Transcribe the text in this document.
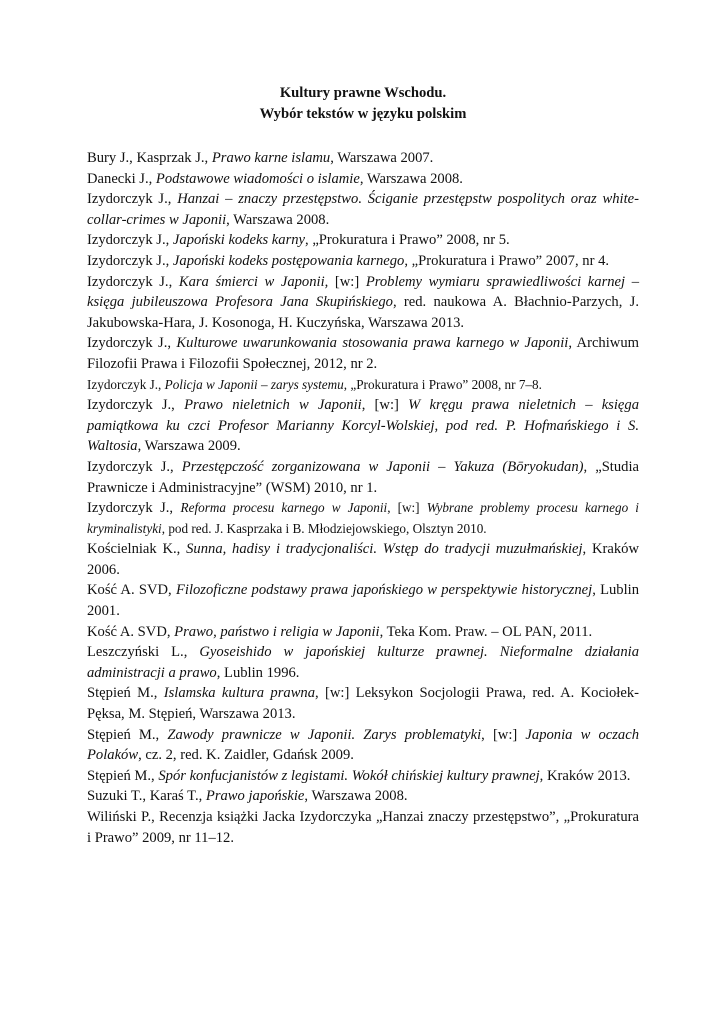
Kultury prawne Wschodu.
Wybór tekstów w języku polskim

Bury J., Kasprzak J., Prawo karne islamu, Warszawa 2007.

Danecki J., Podstawowe wiadomości o islamie, Warszawa 2008.

Izydorczyk J., Hanzai – znaczy przestępstwo. Ściganie przestępstw pospolitych oraz white-collar-crimes w Japonii, Warszawa 2008.

Izydorczyk J., Japoński kodeks karny, „Prokuratura i Prawo” 2008, nr 5.

Izydorczyk J., Japoński kodeks postępowania karnego, „Prokuratura i Prawo” 2007, nr 4.

Izydorczyk J., Kara śmierci w Japonii, [w:] Problemy wymiaru sprawiedliwości karnej – księga jubileuszowa Profesora Jana Skupińskiego, red. naukowa A. Błachnio-Parzych, J. Jakubowska-Hara, J. Kosonoga, H. Kuczyńska, Warszawa 2013.

Izydorczyk J., Kulturowe uwarunkowania stosowania prawa karnego w Japonii, Archiwum Filozofii Prawa i Filozofii Społecznej, 2012, nr 2.

Izydorczyk J., Policja w Japonii – zarys systemu, „Prokuratura i Prawo” 2008, nr 7–8.

Izydorczyk J., Prawo nieletnich w Japonii, [w:] W kręgu prawa nieletnich – księga pamiątkowa ku czci Profesor Marianny Korcyl-Wolskiej, pod red. P. Hofmańskiego i S. Waltosia, Warszawa 2009.

Izydorczyk J., Przestępczość zorganizowana w Japonii – Yakuza (Bōryokudan), „Studia Prawnicze i Administracyjne” (WSM) 2010, nr 1.

Izydorczyk J., Reforma procesu karnego w Japonii, [w:] Wybrane problemy procesu karnego i kryminalistyki, pod red. J. Kasprzaka i B. Młodziejowskiego, Olsztyn 2010.

Kościelniak K., Sunna, hadisy i tradycjonaliści. Wstęp do tradycji muzułmańskiej, Kraków 2006.

Kość A. SVD, Filozoficzne podstawy prawa japońskiego w perspektywie historycznej, Lublin 2001.

Kość A. SVD, Prawo, państwo i religia w Japonii, Teka Kom. Praw. – OL PAN, 2011.

Leszczyński L., Gyoseishido w japońskiej kulturze prawnej. Nieformalne działania administracji a prawo, Lublin 1996.

Stępień M., Islamska kultura prawna, [w:] Leksykon Socjologii Prawa, red. A. Kociołek-Pęksa, M. Stępień, Warszawa 2013.

Stępień M., Zawody prawnicze w Japonii. Zarys problematyki, [w:] Japonia w oczach Polaków, cz. 2, red. K. Zaidler, Gdańsk 2009.

Stępień M., Spór konfucjanistów z legistami. Wokół chińskiej kultury prawnej, Kraków 2013.

Suzuki T., Karaś T., Prawo japońskie, Warszawa 2008.

Wiliński P., Recenzja książki Jacka Izydorczyka „Hanzai znaczy przestępstwo”, „Prokuratura i Prawo” 2009, nr 11–12.
